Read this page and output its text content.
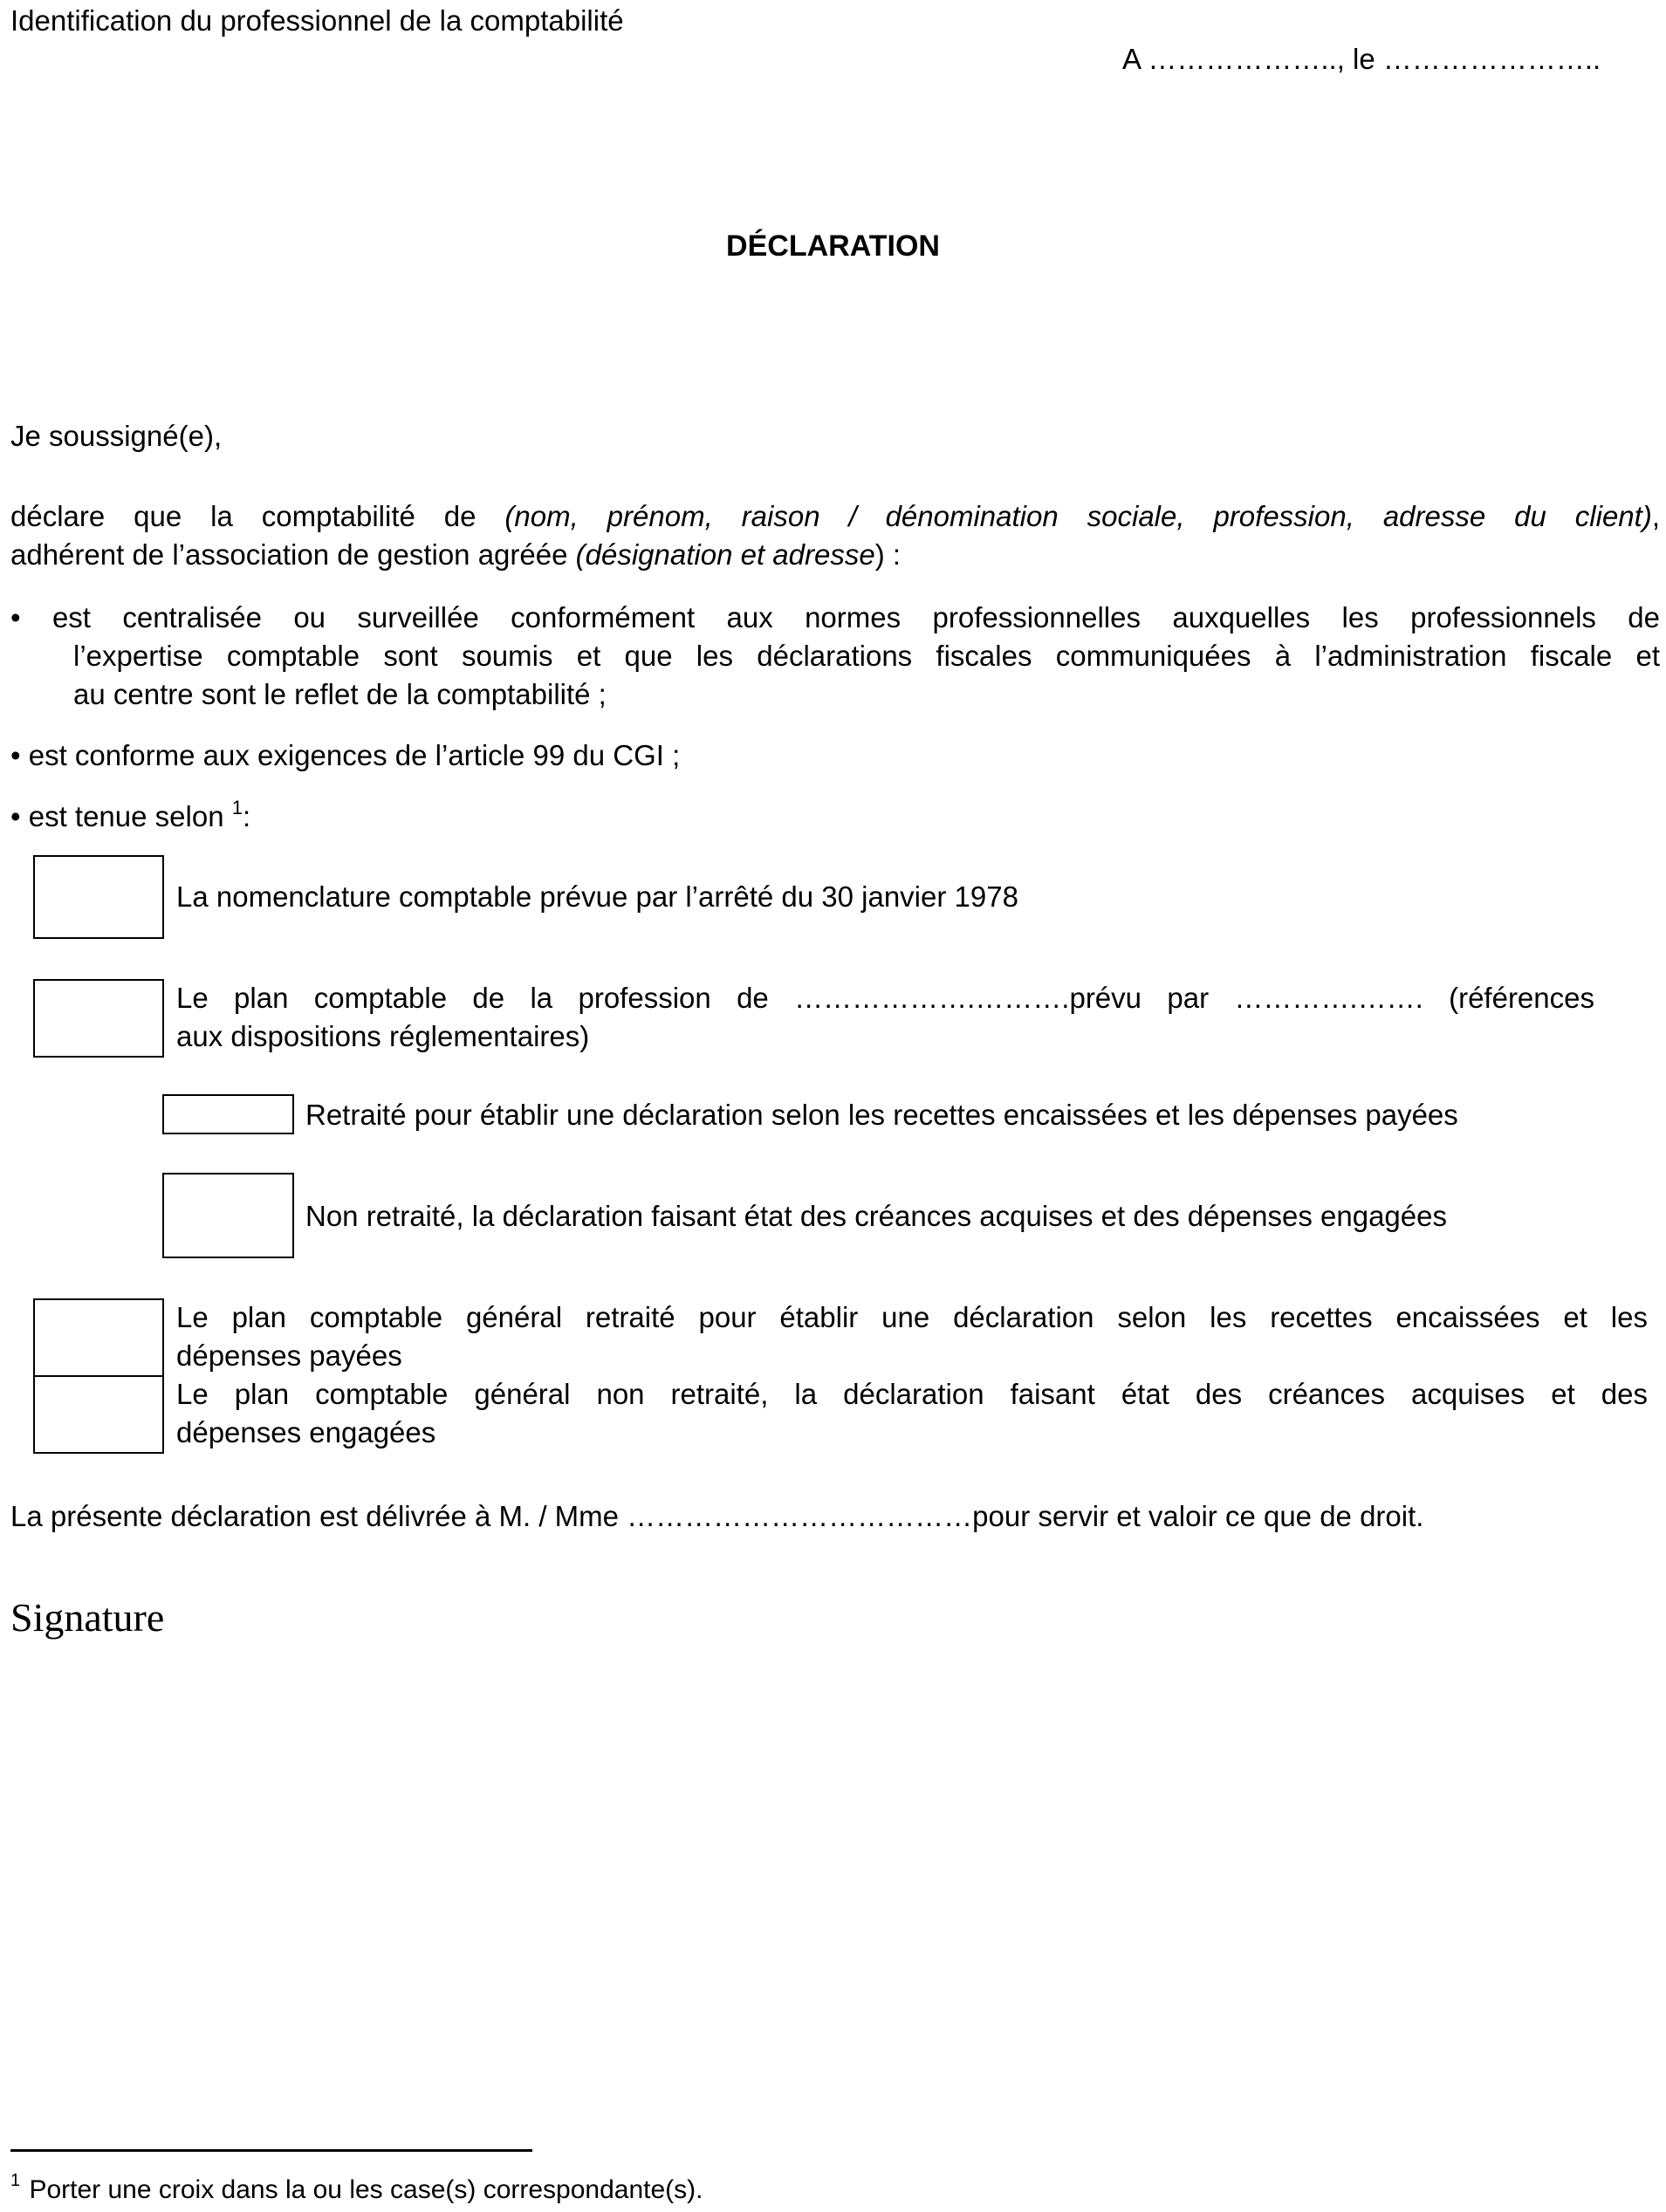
Identification du professionnel de la comptabilité
A ……………….., le …………………..
DÉCLARATION
Je soussigné(e),
déclare que la comptabilité de (nom, prénom, raison / dénomination sociale, profession, adresse du client),
adhérent de l’association de gestion agréée (désignation et adresse) :
• est centralisée ou surveillée conformément aux normes professionnelles auxquelles les professionnels de
l’expertise comptable sont soumis et que les déclarations fiscales communiquées à l’administration fiscale et
au centre sont le reflet de la comptabilité ;
• est conforme aux exigences de l’article 99 du CGI ;
• est tenue selon $^1$:
La nomenclature comptable prévue par l’arrêté du 30 janvier 1978
Le plan comptable de la profession de ……………….……….prévu par ………….……. (références
aux dispositions réglementaires)
Retraité pour établir une déclaration selon les recettes encaissées et les dépenses payées
Non retraité, la déclaration faisant état des créances acquises et des dépenses engagées
Le plan comptable général retraité pour établir une déclaration selon les recettes encaissées et les
dépenses payées
Le plan comptable général non retraité, la déclaration faisant état des créances acquises et des
dépenses engagées
La présente déclaration est délivrée à M. / Mme ………………………………pour servir et valoir ce que de droit.
Signature
$^1$ Porter une croix dans la ou les case(s) correspondante(s).
